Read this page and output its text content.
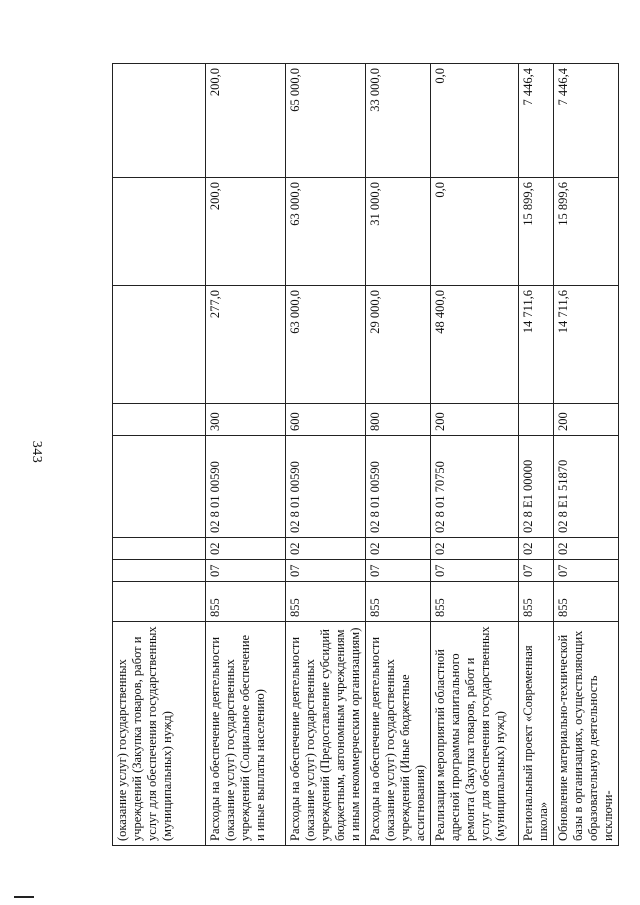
343
(оказание услуг) государственных учреждений (Закупка товаров, работ и услуг для обеспечения государственных (муниципальных) нужд)								
Расходы на обеспечение деятельности (оказание услуг) государственных учреждений (Социальное обеспечение и иные выплаты населению)	855	07	02	02 8 01 00590	300	277,0	200,0	200,0
Расходы на обеспечение деятельности (оказание услуг) государственных учреждений (Предоставление субсидий бюджетным, автономным учреждениям и иным некоммерческим организациям)	855	07	02	02 8 01 00590	600	63 000,0	63 000,0	65 000,0
Расходы на обеспечение деятельности (оказание услуг) государственных учреждений (Иные бюджетные ассигнования)	855	07	02	02 8 01 00590	800	29 000,0	31 000,0	33 000,0
Реализация мероприятий областной адресной программы капитального ремонта (Закупка товаров, работ и услуг для обеспечения государственных (муниципальных) нужд)	855	07	02	02 8 01 70750	200	48 400,0	0,0	0,0
Региональный проект «Современная школа»	855	07	02	02 8 E1 00000		14 711,6	15 899,6	7 446,4
Обновление материально-технической базы в организациях, осуществляющих образовательную деятельность исключи-	855	07	02	02 8 E1 51870	200	14 711,6	15 899,6	7 446,4
